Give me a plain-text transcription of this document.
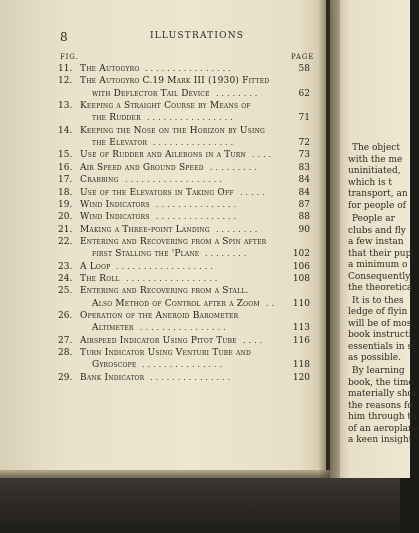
8	ILLUSTRATIONS
FIG.	PAGE
11. The Autogyro	58
................
12. The Autogyro C.19 Mark III (1930) Fitted
with Deflector Tail Device	62
........
13. Keeping a Straight Course by Means of
the Rudder	71
................
14. Keeping the Nose on the Horizon by Using
the Elevator	72
...............
15. Use of Rudder and Ailerons in a Turn	73
....
16. Air Speed and Ground Speed	83
.........
17. Crabbing	84
..................
18. Use of the Elevators in Taking Off	84
.....
19. Wind Indicators	87
...............
20. Wind Indicators	88
...............
21. Making a Three-point Landing	90
........
22. Entering and Recovering from a Spin after
first Stalling the 'Plane	102
........
23. A Loop	106
..................
24. The Roll	108
.................
25. Entering and Recovering from a Stall.
Also Method of Control after a Zoom	110
..
26. Operation of the Aneroid Barometer
Altimeter	113
................
27. Airspeed Indicator Using Pitot Tube	116
....
28. Turn Indicator Using Venturi Tube and
Gyroscope	118
...............
29. Bank Indicator	120
...............
The object
with the me
uninitiated,
which is t
transport, an
for people of
People ar
clubs and fly
a few instan
that their pup
a minimum o
Consequently
the theoretica
It is to thes
ledge of flyin
will be of mos
book instructi
essentials in si
as possible.
By learning
book, the time
materially shor
the reasons fo
him through th
of an aeroplane
a keen insight i
